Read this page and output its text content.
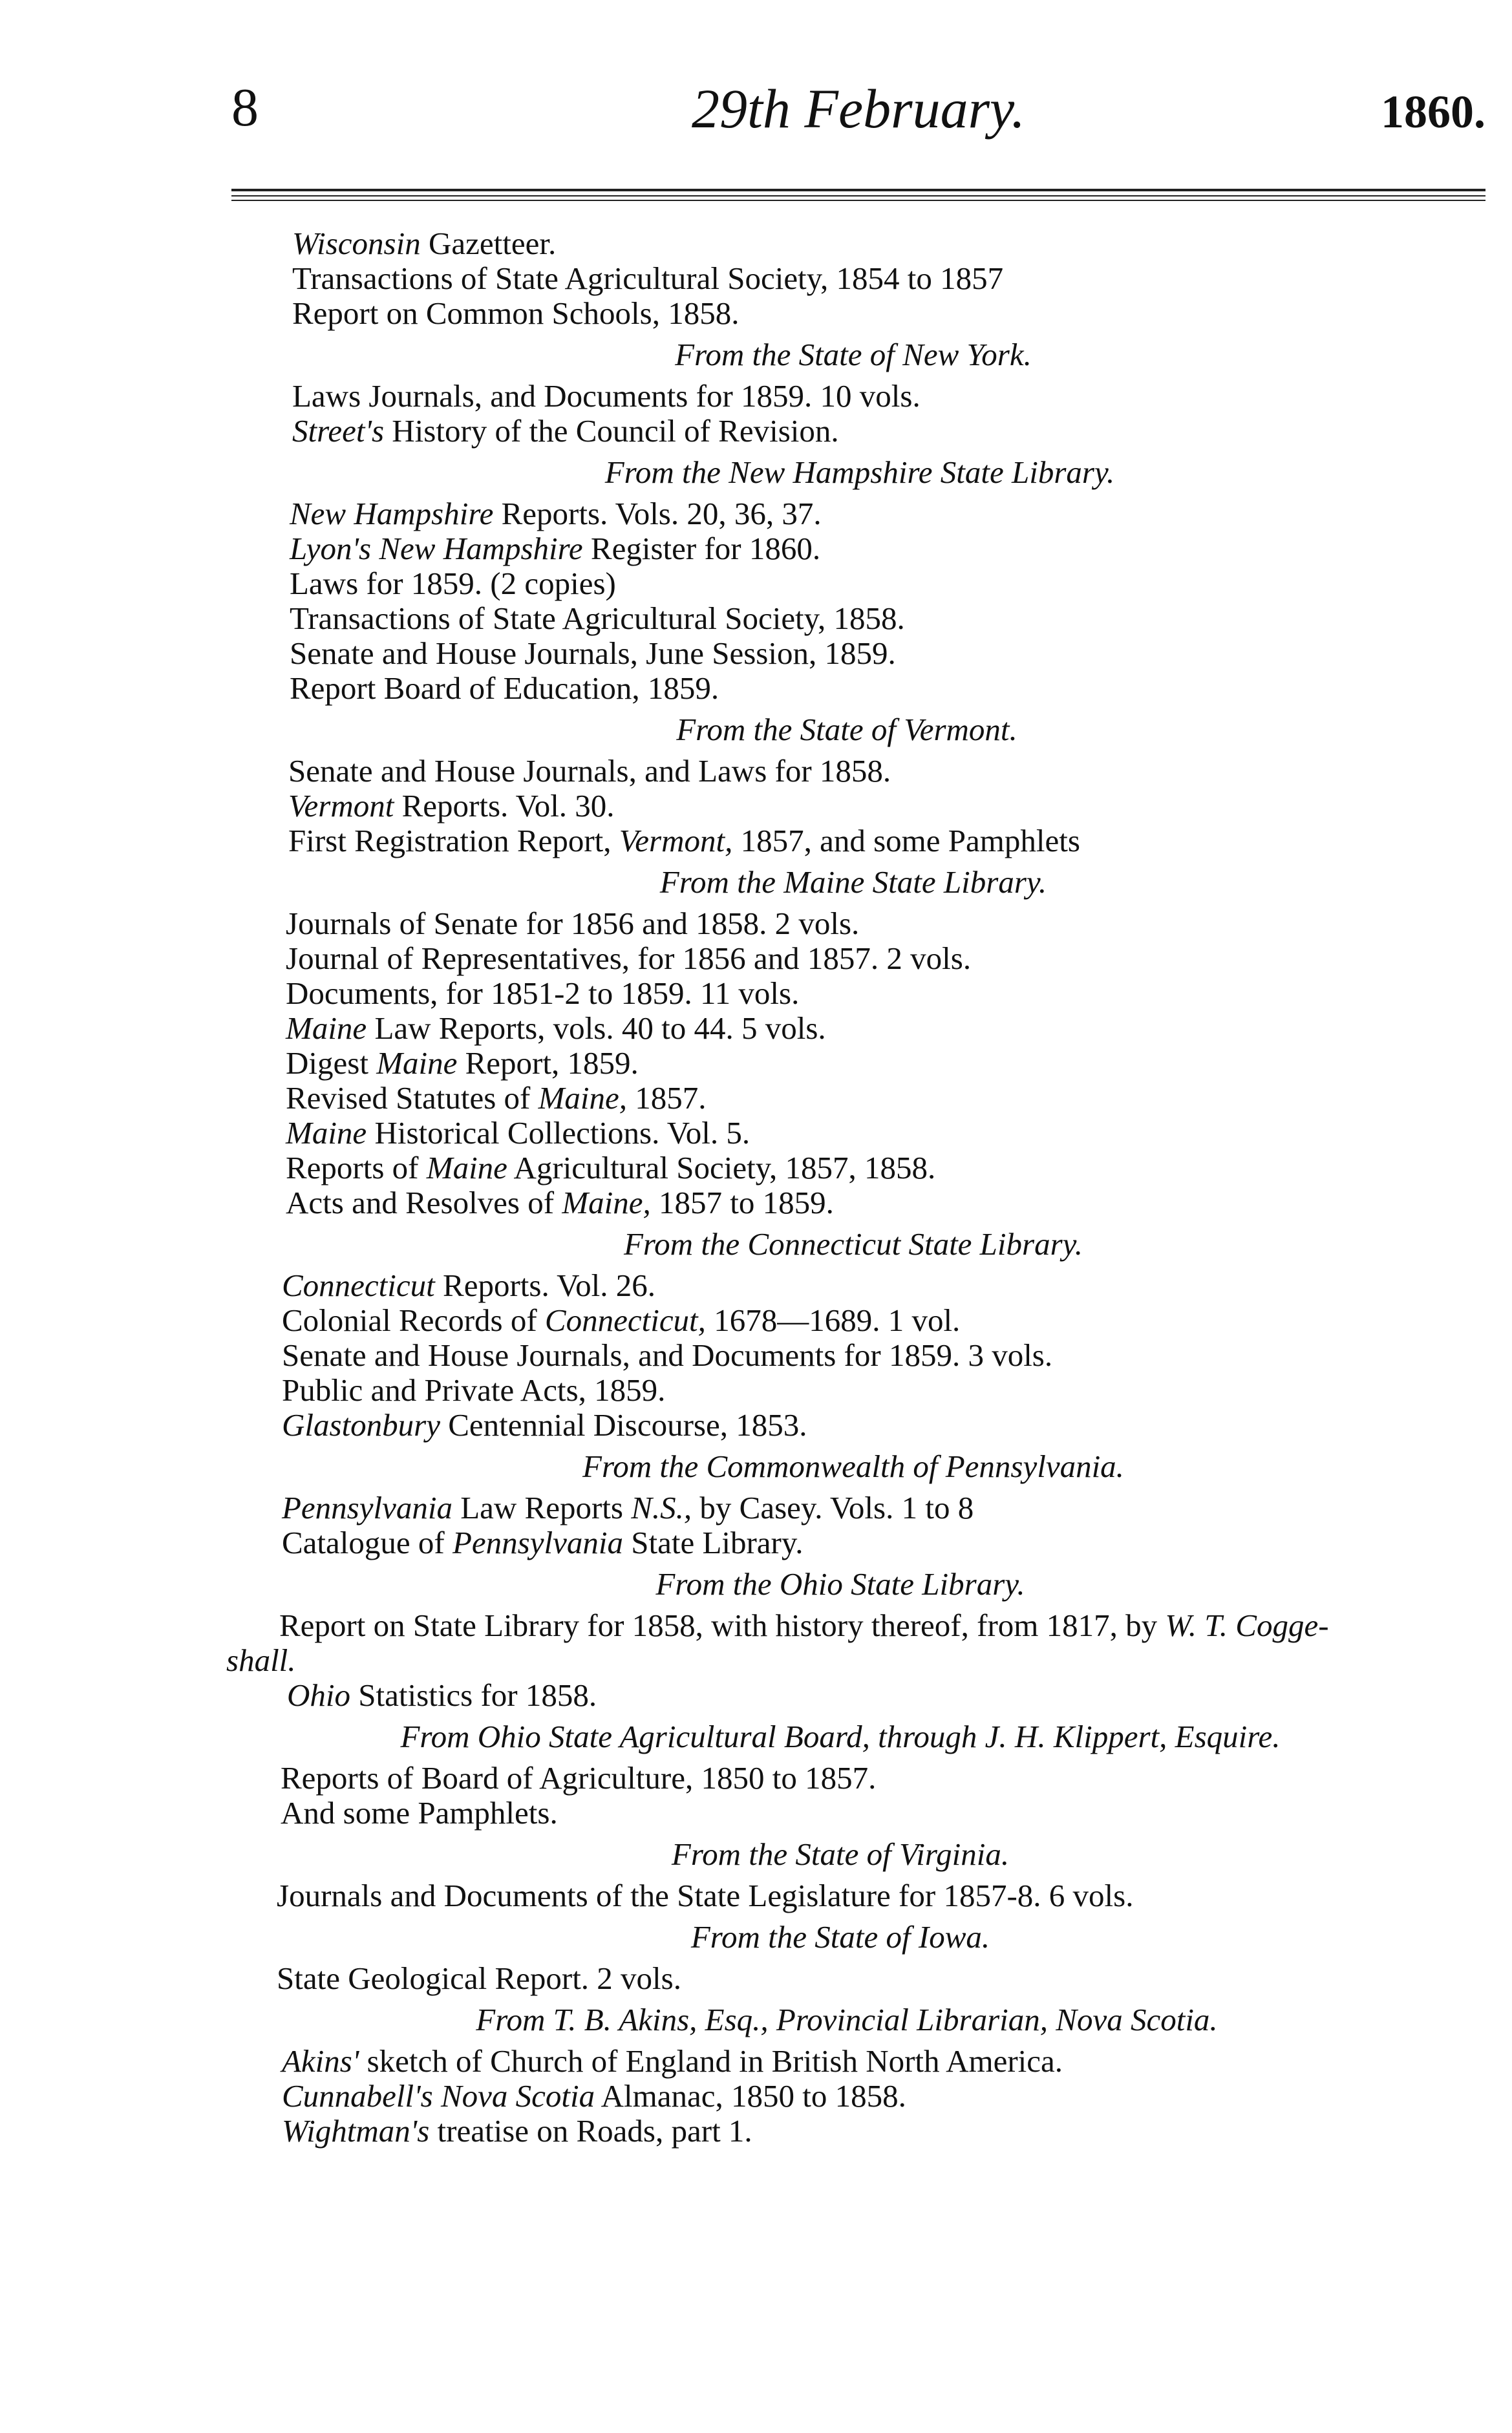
8	29th February.	1860.
Wisconsin Gazetteer.
Transactions of State Agricultural Society, 1854 to 1857
Report on Common Schools, 1858.
From the State of New York.
Laws Journals, and Documents for 1859. 10 vols.
Street's History of the Council of Revision.
From the New Hampshire State Library.
New Hampshire Reports. Vols. 20, 36, 37.
Lyon's New Hampshire Register for 1860.
Laws for 1859. (2 copies)
Transactions of State Agricultural Society, 1858.
Senate and House Journals, June Session, 1859.
Report Board of Education, 1859.
From the State of Vermont.
Senate and House Journals, and Laws for 1858.
Vermont Reports. Vol. 30.
First Registration Report, Vermont, 1857, and some Pamphlets
From the Maine State Library.
Journals of Senate for 1856 and 1858. 2 vols.
Journal of Representatives, for 1856 and 1857. 2 vols.
Documents, for 1851-2 to 1859. 11 vols.
Maine Law Reports, vols. 40 to 44. 5 vols.
Digest Maine Report, 1859.
Revised Statutes of Maine, 1857.
Maine Historical Collections. Vol. 5.
Reports of Maine Agricultural Society, 1857, 1858.
Acts and Resolves of Maine, 1857 to 1859.
From the Connecticut State Library.
Connecticut Reports. Vol. 26.
Colonial Records of Connecticut, 1678—1689. 1 vol.
Senate and House Journals, and Documents for 1859. 3 vols.
Public and Private Acts, 1859.
Glastonbury Centennial Discourse, 1853.
From the Commonwealth of Pennsylvania.
Pennsylvania Law Reports N.S., by Casey. Vols. 1 to 8
Catalogue of Pennsylvania State Library.
From the Ohio State Library.
Report on State Library for 1858, with history thereof, from 1817, by W. T. Cogge-
shall.
Ohio Statistics for 1858.
From Ohio State Agricultural Board, through J. H. Klippert, Esquire.
Reports of Board of Agriculture, 1850 to 1857.
And some Pamphlets.
From the State of Virginia.
Journals and Documents of the State Legislature for 1857-8. 6 vols.
From the State of Iowa.
State Geological Report. 2 vols.
From T. B. Akins, Esq., Provincial Librarian, Nova Scotia.
Akins' sketch of Church of England in British North America.
Cunnabell's Nova Scotia Almanac, 1850 to 1858.
Wightman's treatise on Roads, part 1.
